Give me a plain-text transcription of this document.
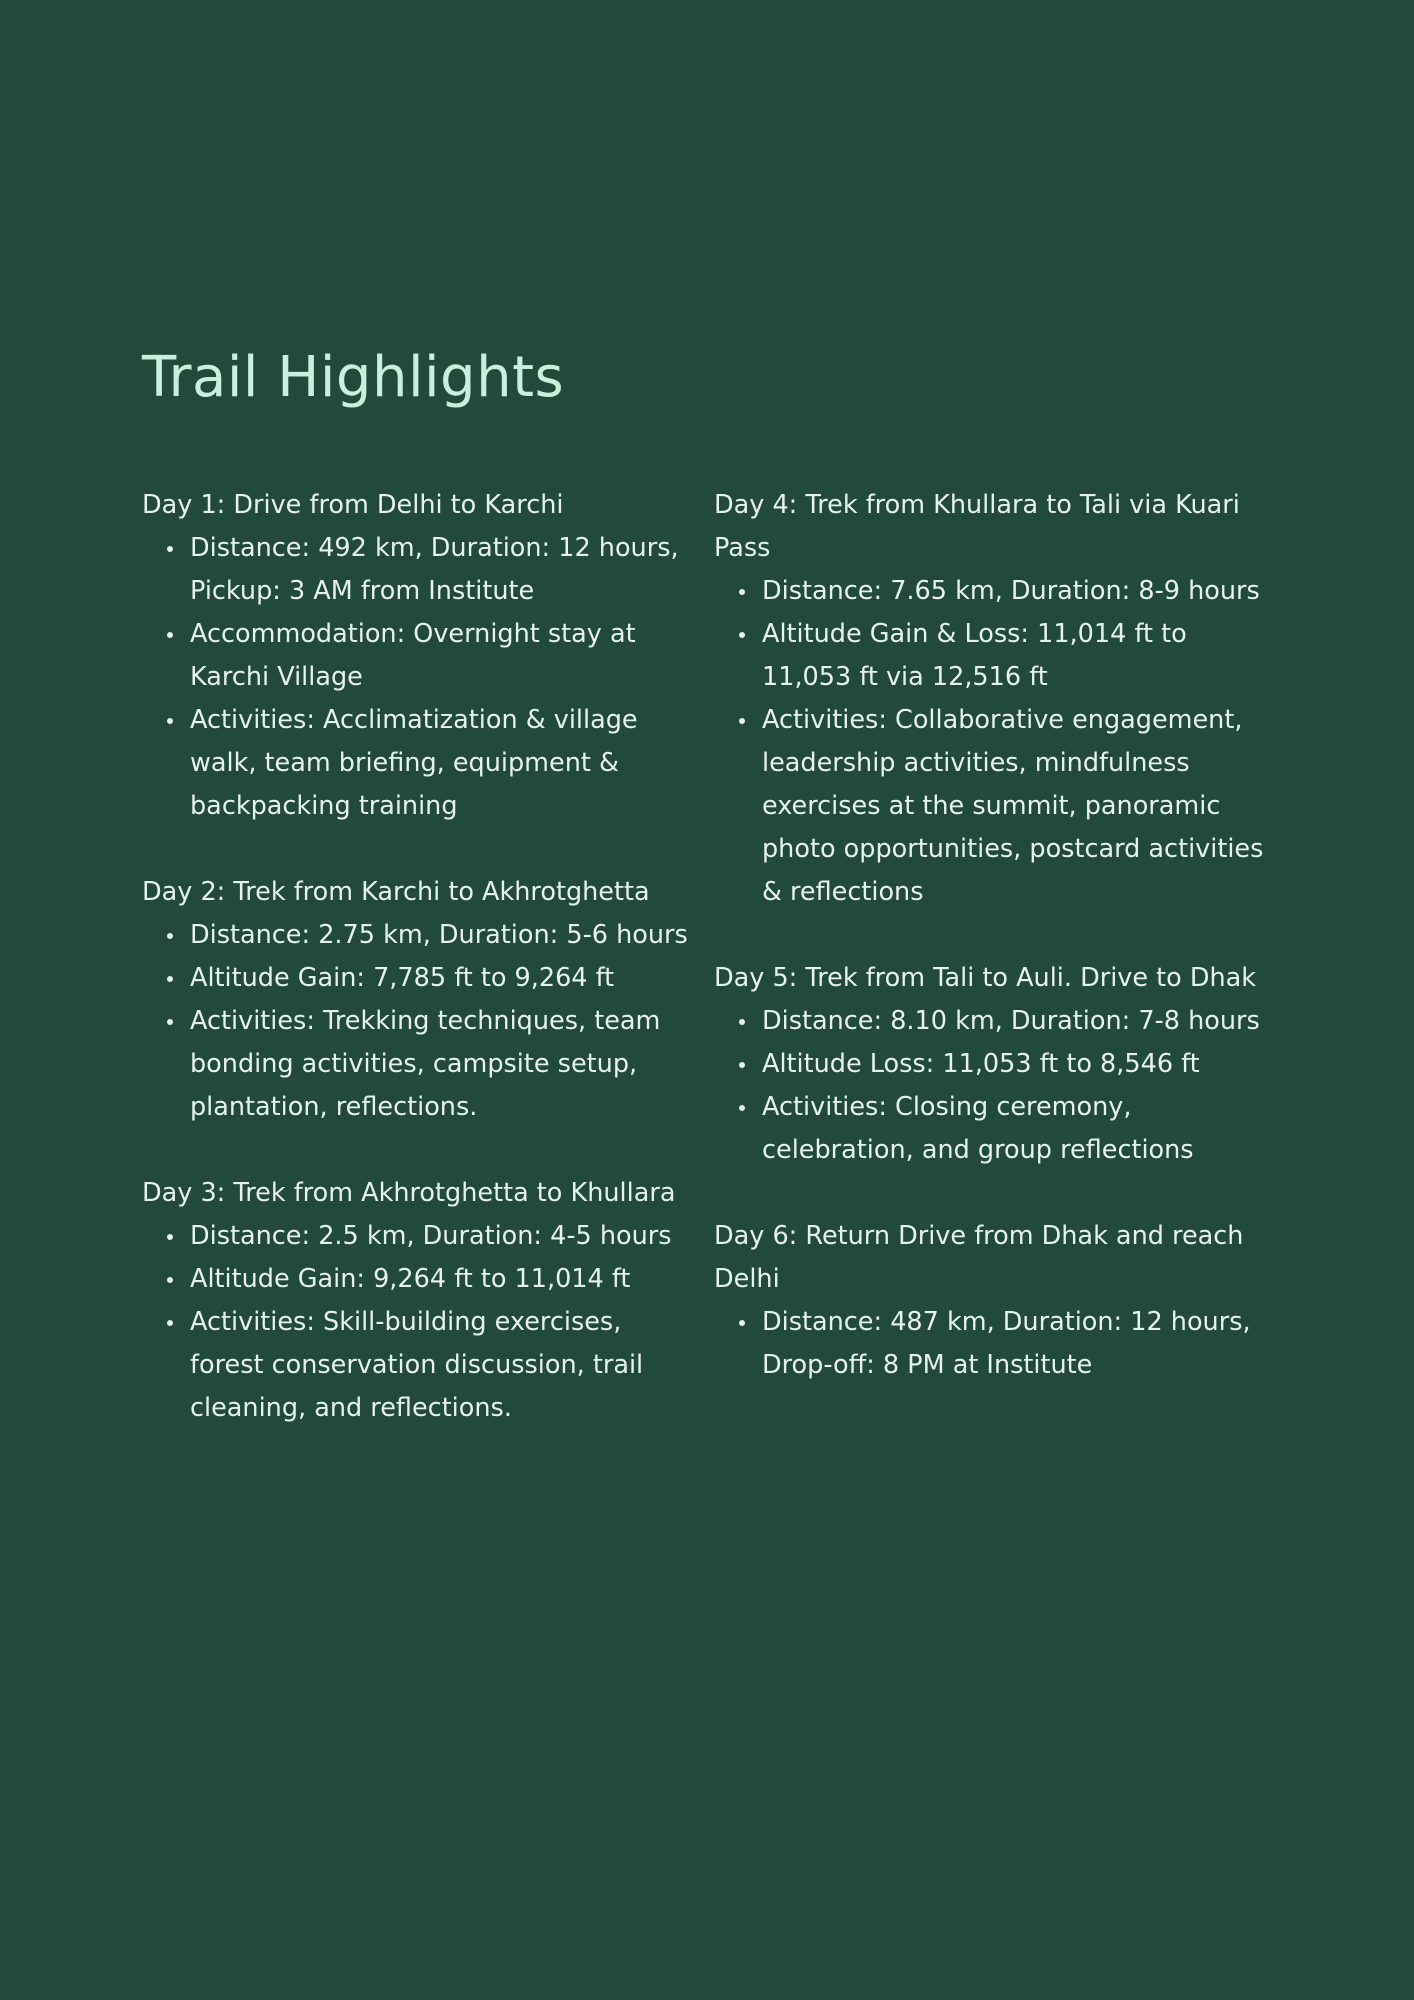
Trail Highlights
Day 1: Drive from Delhi to Karchi
Distance: 492 km, Duration: 12 hours, Pickup: 3 AM from Institute
Accommodation: Overnight stay at Karchi Village
Activities: Acclimatization & village walk, team briefing, equipment & backpacking training
Day 2: Trek from Karchi to Akhrotghetta
Distance: 2.75 km, Duration: 5-6 hours
Altitude Gain: 7,785 ft to 9,264 ft
Activities: Trekking techniques, team bonding activities, campsite setup, plantation, reflections.
Day 3: Trek from Akhrotghetta to Khullara
Distance: 2.5 km, Duration: 4-5 hours
Altitude Gain: 9,264 ft to 11,014 ft
Activities: Skill-building exercises, forest conservation discussion, trail cleaning, and reflections.
Day 4: Trek from Khullara to Tali via Kuari Pass
Distance: 7.65 km, Duration: 8-9 hours
Altitude Gain & Loss: 11,014 ft to 11,053 ft via 12,516 ft
Activities: Collaborative engagement, leadership activities, mindfulness exercises at the summit, panoramic photo opportunities, postcard activities & reflections
Day 5: Trek from Tali to Auli. Drive to Dhak
Distance: 8.10 km, Duration: 7-8 hours
Altitude Loss: 11,053 ft to 8,546 ft
Activities: Closing ceremony, celebration, and group reflections
Day 6: Return Drive from Dhak and reach Delhi
Distance: 487 km, Duration: 12 hours, Drop-off: 8 PM at Institute
